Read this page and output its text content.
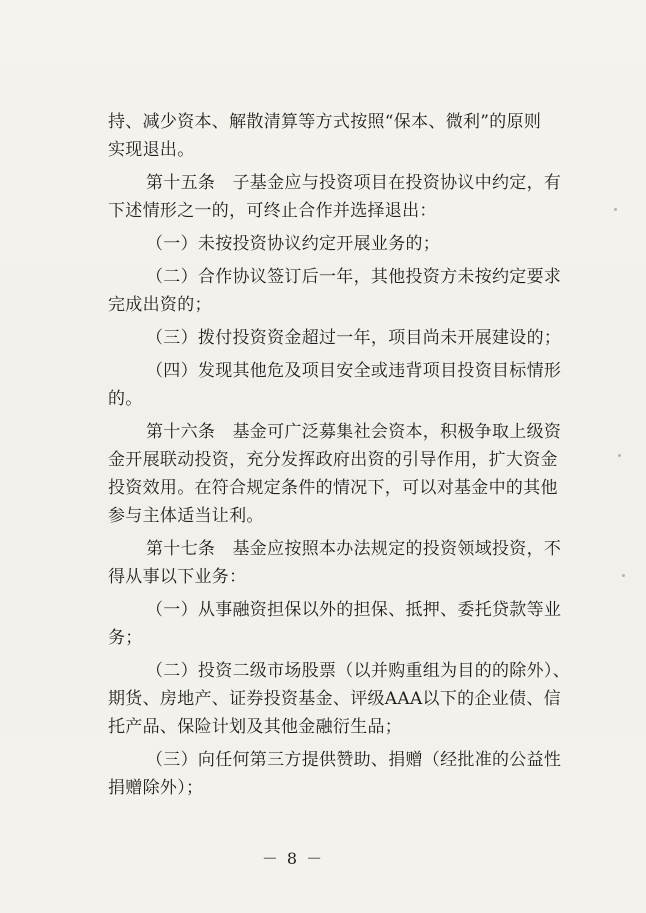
持、减少资本、解散清算等方式按照“保本、微利”的原则
实现退出。
第十五条　子基金应与投资项目在投资协议中约定，有
下述情形之一的，可终止合作并选择退出：
（一）未按投资协议约定开展业务的；
（二）合作协议签订后一年，其他投资方未按约定要求
完成出资的；
（三）拨付投资资金超过一年，项目尚未开展建设的；
（四）发现其他危及项目安全或违背项目投资目标情形
的。
第十六条　基金可广泛募集社会资本，积极争取上级资
金开展联动投资，充分发挥政府出资的引导作用，扩大资金
投资效用。在符合规定条件的情况下，可以对基金中的其他
参与主体适当让利。
第十七条　基金应按照本办法规定的投资领域投资，不
得从事以下业务：
（一）从事融资担保以外的担保、抵押、委托贷款等业
务；
（二）投资二级市场股票（以并购重组为目的的除外）、
期货、房地产、证券投资基金、评级AAA以下的企业债、信
托产品、保险计划及其他金融衍生品；
（三）向任何第三方提供赞助、捐赠（经批准的公益性
捐赠除外）；
－ 8 －
